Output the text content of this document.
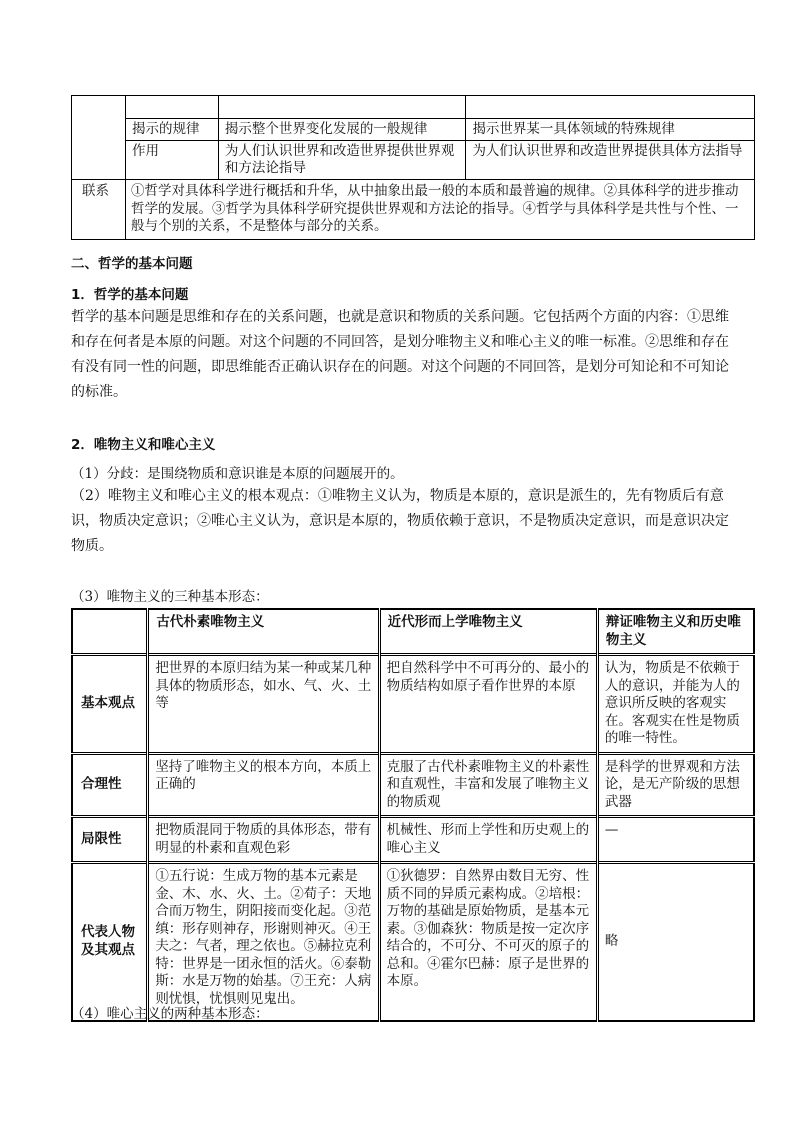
	揭示的规律	揭示整个世界变化发展的一般规律	揭示世界某一具体领域的特殊规律
	作用	为人们认识世界和改造世界提供世界观和方法论指导	为人们认识世界和改造世界提供具体方法指导
联系	①哲学对具体科学进行概括和升华，从中抽象出最一般的本质和最普遍的规律。②具体科学的进步推动哲学的发展。③哲学为具体科学研究提供世界观和方法论的指导。④哲学与具体科学是共性与个性、一般与个别的关系，不是整体与部分的关系。		
二、哲学的基本问题
1．哲学的基本问题
哲学的基本问题是思维和存在的关系问题，也就是意识和物质的关系问题。它包括两个方面的内容：①思维和存在何者是本原的问题。对这个问题的不同回答，是划分唯物主义和唯心主义的唯一标准。②思维和存在有没有同一性的问题，即思维能否正确认识存在的问题。对这个问题的不同回答，是划分可知论和不可知论的标准。
2．唯物主义和唯心主义
（1）分歧：是围绕物质和意识谁是本原的问题展开的。
（2）唯物主义和唯心主义的根本观点：①唯物主义认为，物质是本原的，意识是派生的，先有物质后有意识，物质决定意识；②唯心主义认为，意识是本原的，物质依赖于意识，不是物质决定意识，而是意识决定物质。
（3）唯物主义的三种基本形态：
	古代朴素唯物主义	近代形而上学唯物主义	辩证唯物主义和历史唯物主义
基本观点	把世界的本原归结为某一种或某几种具体的物质形态，如水、气、火、土等	把自然科学中不可再分的、最小的物质结构如原子看作世界的本原	认为，物质是不依赖于人的意识，并能为人的意识所反映的客观实在。客观实在性是物质的唯一特性。
合理性	坚持了唯物主义的根本方向，本质上正确的	克服了古代朴素唯物主义的朴素性和直观性，丰富和发展了唯物主义的物质观	是科学的世界观和方法论，是无产阶级的思想武器
局限性	把物质混同于物质的具体形态，带有明显的朴素和直观色彩	机械性、形而上学性和历史观上的唯心主义	—
代表人物及其观点	①五行说：生成万物的基本元素是金、木、水、火、土。②荀子：天地合而万物生，阴阳接而变化起。③范缜：形存则神存，形谢则神灭。④王夫之：气者，理之依也。⑤赫拉克利特：世界是一团永恒的活火。⑥泰勒斯：水是万物的始基。⑦王充：人病则忧惧，忧惧则见鬼出。	①狄德罗：自然界由数目无穷、性质不同的异质元素构成。②培根：万物的基础是原始物质，是基本元素。③伽森狄：物质是按一定次序结合的，不可分、不可灭的原子的总和。④霍尔巴赫：原子是世界的本原。	略
（4）唯心主义的两种基本形态：
